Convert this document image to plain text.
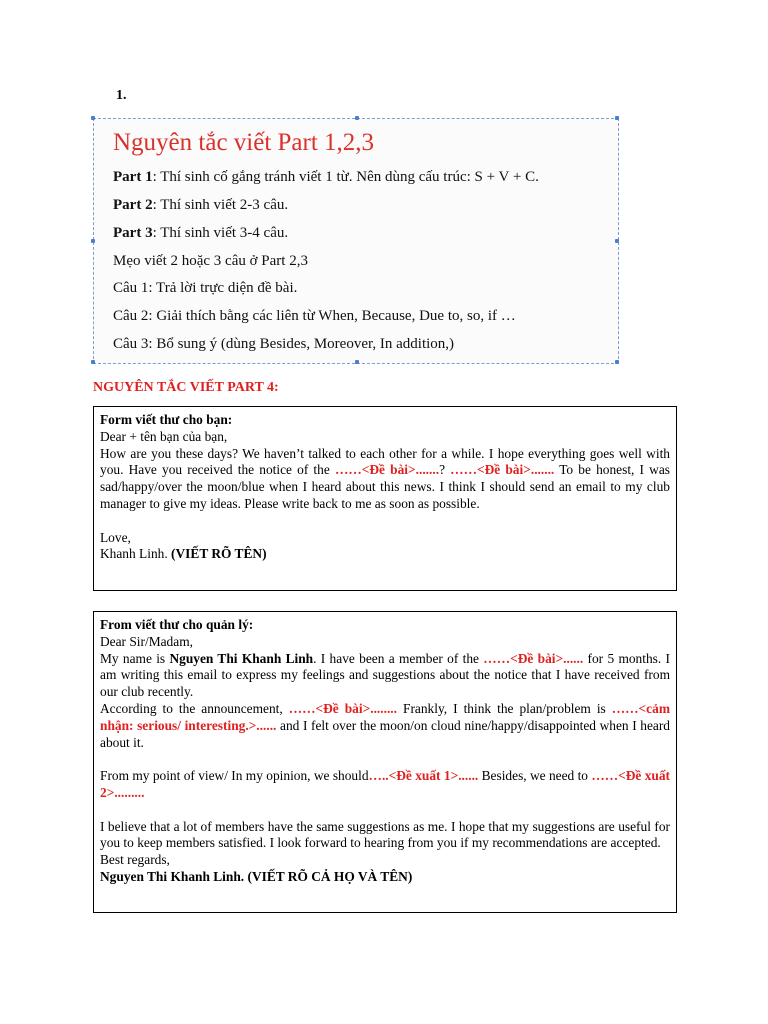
1.
Nguyên tắc viết Part 1,2,3
Part 1: Thí sinh cố gắng tránh viết 1 từ. Nên dùng cấu trúc: S + V + C.
Part 2: Thí sinh viết 2-3 câu.
Part 3: Thí sinh viết 3-4 câu.
Mẹo viết 2 hoặc 3 câu ở Part 2,3
Câu 1: Trả lời trực diện đề bài.
Câu 2: Giải thích bằng các liên từ When, Because, Due to, so, if …
Câu 3: Bổ sung ý (dùng Besides, Moreover, In addition,)
NGUYÊN TẮC VIẾT PART 4:

Form viết thư cho bạn:

Dear + tên bạn của bạn,

How are you these days? We haven’t talked to each other for a while. I hope everything goes well with you. Have you received the notice of the ……<Đề bài>.......? ……<Đề bài>....... To be honest, I was sad/happy/over the moon/blue when I heard about this news. I think I should send an email to my club manager to give my ideas. Please write back to me as soon as possible.

Love,

Khanh Linh. (VIẾT RÕ TÊN)

From viết thư cho quản lý:

Dear Sir/Madam,

My name is Nguyen Thi Khanh Linh. I have been a member of the ……<Đề bài>...... for 5 months. I am writing this email to express my feelings and suggestions about the notice that I have received from our club recently.

According to the announcement, ……<Đề bài>........ Frankly, I think the plan/problem is ……<cảm nhận: serious/ interesting.>...... and I felt over the moon/on cloud nine/happy/disappointed when I heard about it.

From my point of view/ In my opinion, we should…..<Đề xuất 1>...... Besides, we need to ……<Đề xuất 2>.........

I believe that a lot of members have the same suggestions as me. I hope that my suggestions are useful for you to keep members satisfied. I look forward to hearing from you if my recommendations are accepted.

Best regards,

Nguyen Thi Khanh Linh. (VIẾT RÕ CẢ HỌ VÀ TÊN)
